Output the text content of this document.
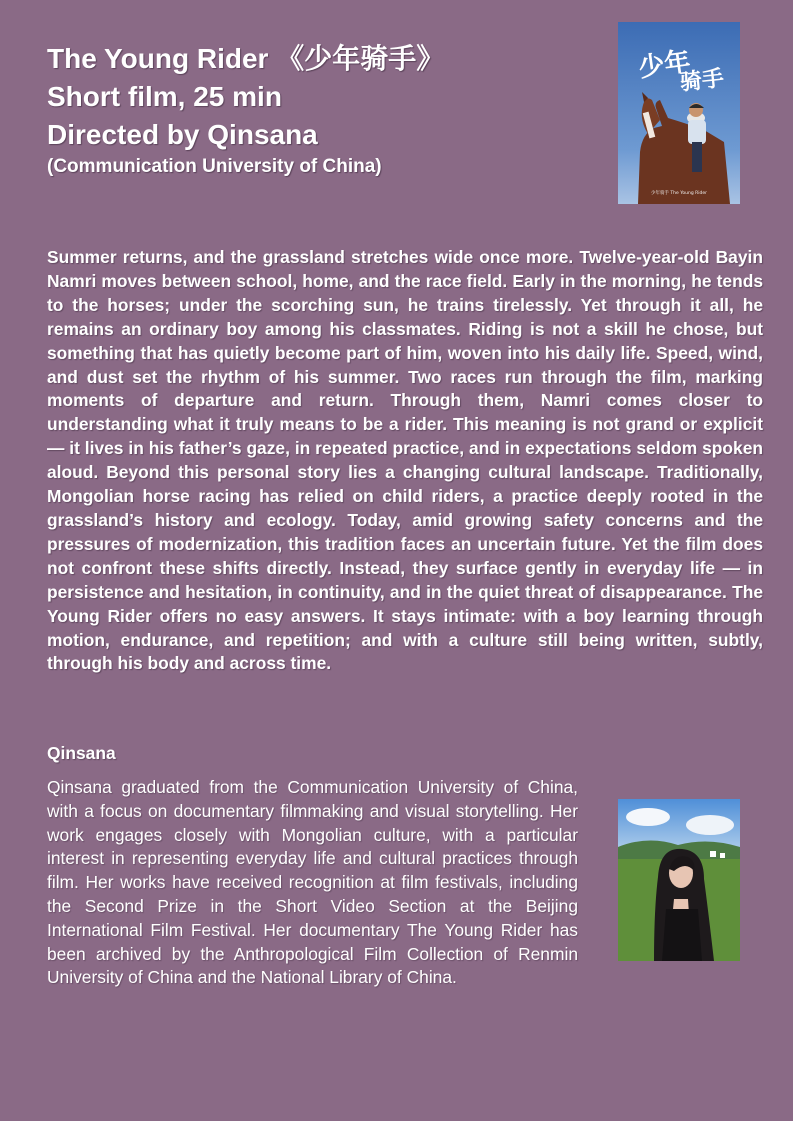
The Young Rider 《少年骑手》
Short film, 25 min
Directed by Qinsana
(Communication University of China)
少年
骑手
少年骑手 The Young Rider
Summer returns, and the grassland stretches wide once more. Twelve-year-old Bayin Namri moves between school, home, and the race field. Early in the morning, he tends to the horses; under the scorching sun, he trains tirelessly. Yet through it all, he remains an ordinary boy among his classmates. Riding is not a skill he chose, but something that has quietly become part of him, woven into his daily life. Speed, wind, and dust set the rhythm of his summer. Two races run through the film, marking moments of departure and return. Through them, Namri comes closer to understanding what it truly means to be a rider. This meaning is not grand or explicit — it lives in his father’s gaze, in repeated practice, and in expectations seldom spoken aloud. Beyond this personal story lies a changing cultural landscape. Traditionally, Mongolian horse racing has relied on child riders, a practice deeply rooted in the grassland’s history and ecology. Today, amid growing safety concerns and the pressures of modernization, this tradition faces an uncertain future. Yet the film does not confront these shifts directly. Instead, they surface gently in everyday life — in persistence and hesitation, in continuity, and in the quiet threat of disappearance. The Young Rider offers no easy answers. It stays intimate: with a boy learning through motion, endurance, and repetition; and with a culture still being written, subtly, through his body and across time.
Qinsana
Qinsana graduated from the Communication University of China, with a focus on documentary filmmaking and visual storytelling. Her work engages closely with Mongolian culture, with a particular interest in representing everyday life and cultural practices through film. Her works have received recognition at film festivals, including the Second Prize in the Short Video Section at the Beijing International Film Festival. Her documentary The Young Rider has been archived by the Anthropological Film Collection of Renmin University of China and the National Library of China.
